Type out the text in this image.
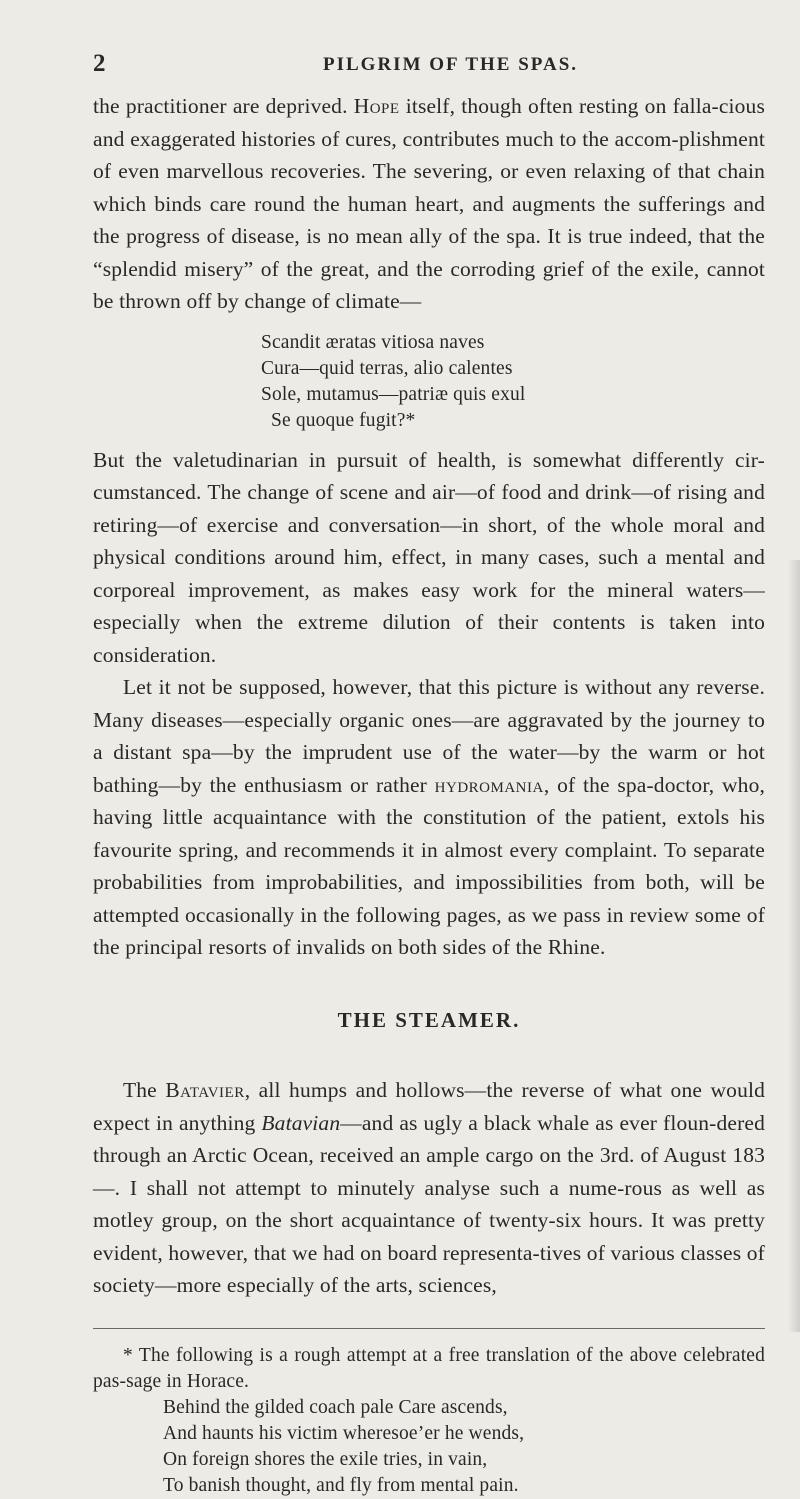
2	PILGRIM OF THE SPAS.

the practitioner are deprived. Hope itself, though often resting on falla-cious and exaggerated histories of cures, contributes much to the accom-plishment of even marvellous recoveries. The severing, or even relaxing of that chain which binds care round the human heart, and augments the sufferings and the progress of disease, is no mean ally of the spa. It is true indeed, that the “splendid misery” of the great, and the corroding grief of the exile, cannot be thrown off by change of climate—

Scandit æratas vitiosa naves
Cura—quid terras, alio calentes
Sole, mutamus—patriæ quis exul
Se quoque fugit?*

But the valetudinarian in pursuit of health, is somewhat differently cir-cumstanced. The change of scene and air—of food and drink—of rising and retiring—of exercise and conversation—in short, of the whole moral and physical conditions around him, effect, in many cases, such a mental and corporeal improvement, as makes easy work for the mineral waters—especially when the extreme dilution of their contents is taken into consideration.

Let it not be supposed, however, that this picture is without any reverse. Many diseases—especially organic ones—are aggravated by the journey to a distant spa—by the imprudent use of the water—by the warm or hot bathing—by the enthusiasm or rather hydromania, of the spa-doctor, who, having little acquaintance with the constitution of the patient, extols his favourite spring, and recommends it in almost every complaint. To separate probabilities from improbabilities, and impossibilities from both, will be attempted occasionally in the following pages, as we pass in review some of the principal resorts of invalids on both sides of the Rhine.

THE STEAMER.

The Batavier, all humps and hollows—the reverse of what one would expect in anything Batavian—and as ugly a black whale as ever floun-dered through an Arctic Ocean, received an ample cargo on the 3rd. of August 183—. I shall not attempt to minutely analyse such a nume-rous as well as motley group, on the short acquaintance of twenty-six hours. It was pretty evident, however, that we had on board representa-tives of various classes of society—more especially of the arts, sciences,

* The following is a rough attempt at a free translation of the above celebrated pas-sage in Horace.

Behind the gilded coach pale Care ascends,
And haunts his victim wheresoe’er he wends,
On foreign shores the exile tries, in vain,
To banish thought, and fly from mental pain.
